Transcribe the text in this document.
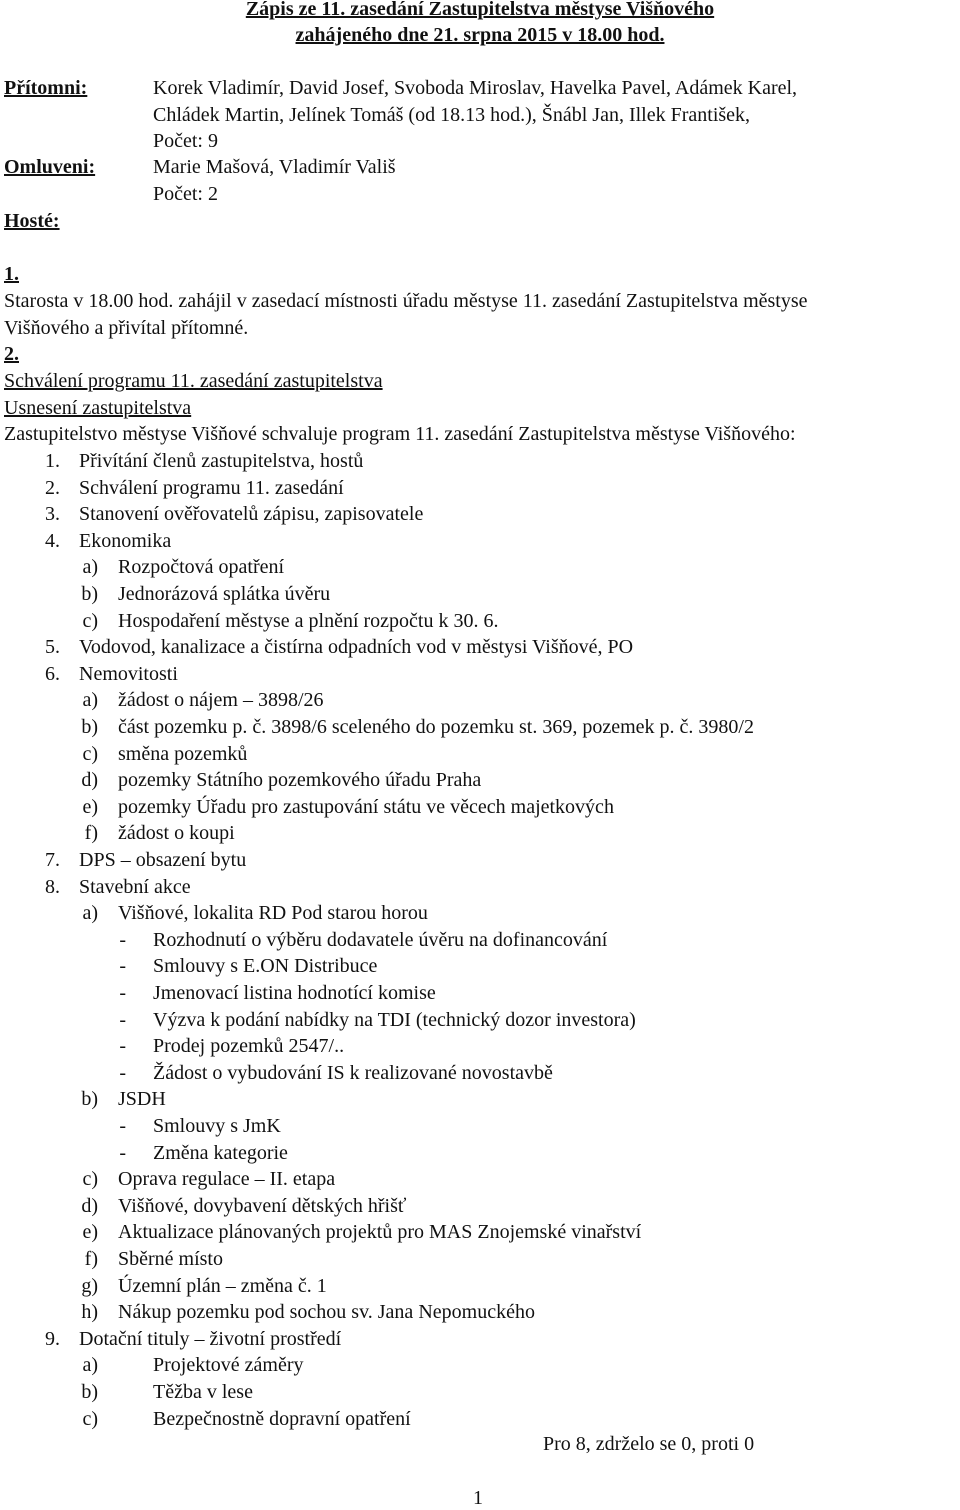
Zápis ze 11. zasedání Zastupitelstva městyse Višňového
zahájeného dne 21. srpna 2015 v 18.00 hod.
Přítomni:	Korek Vladimír, David Josef, Svoboda Miroslav, Havelka Pavel, Adámek Karel,
Chládek Martin, Jelínek Tomáš (od 18.13 hod.), Šnábl Jan, Illek František,
Počet: 9
Omluveni:	Marie Mašová, Vladimír Vališ
Počet: 2
Hosté:
1.
Starosta v 18.00 hod. zahájil v zasedací místnosti úřadu městyse 11. zasedání Zastupitelstva městyse
Višňového a přivítal přítomné.
2.
Schválení programu 11. zasedání zastupitelstva
Usnesení zastupitelstva
Zastupitelstvo městyse Višňové schvaluje program 11. zasedání Zastupitelstva městyse Višňového:
1. Přivítání členů zastupitelstva, hostů
2. Schválení programu 11. zasedání
3. Stanovení ověřovatelů zápisu, zapisovatele
4. Ekonomika
a) Rozpočtová opatření
b) Jednorázová splátka úvěru
c) Hospodaření městyse a plnění rozpočtu k 30. 6.
5. Vodovod, kanalizace a čistírna odpadních vod v městysi Višňové, PO
6. Nemovitosti
a) žádost o nájem – 3898/26
b) část pozemku p. č. 3898/6 sceleného do pozemku st. 369, pozemek p. č. 3980/2
c) směna pozemků
d) pozemky Státního pozemkového úřadu Praha
e) pozemky Úřadu pro zastupování státu ve věcech majetkových
f) žádost o koupi
7. DPS – obsazení bytu
8. Stavební akce
a) Višňové, lokalita RD Pod starou horou
- Rozhodnutí o výběru dodavatele úvěru na dofinancování
- Smlouvy s E.ON Distribuce
- Jmenovací listina hodnotící komise
- Výzva k podání nabídky na TDI (technický dozor investora)
- Prodej pozemků 2547/..
- Žádost o vybudování IS k realizované novostavbě
b) JSDH
- Smlouvy s JmK
- Změna kategorie
c) Oprava regulace – II. etapa
d) Višňové, dovybavení dětských hřišť
e) Aktualizace plánovaných projektů pro MAS Znojemské vinařství
f) Sběrné místo
g) Územní plán – změna č. 1
h) Nákup pozemku pod sochou sv. Jana Nepomuckého
9. Dotační tituly – životní prostředí
a)	Projektové záměry
b)	Těžba v lese
c)	Bezpečnostně dopravní opatření
Pro 8, zdrželo se 0, proti 0
1
